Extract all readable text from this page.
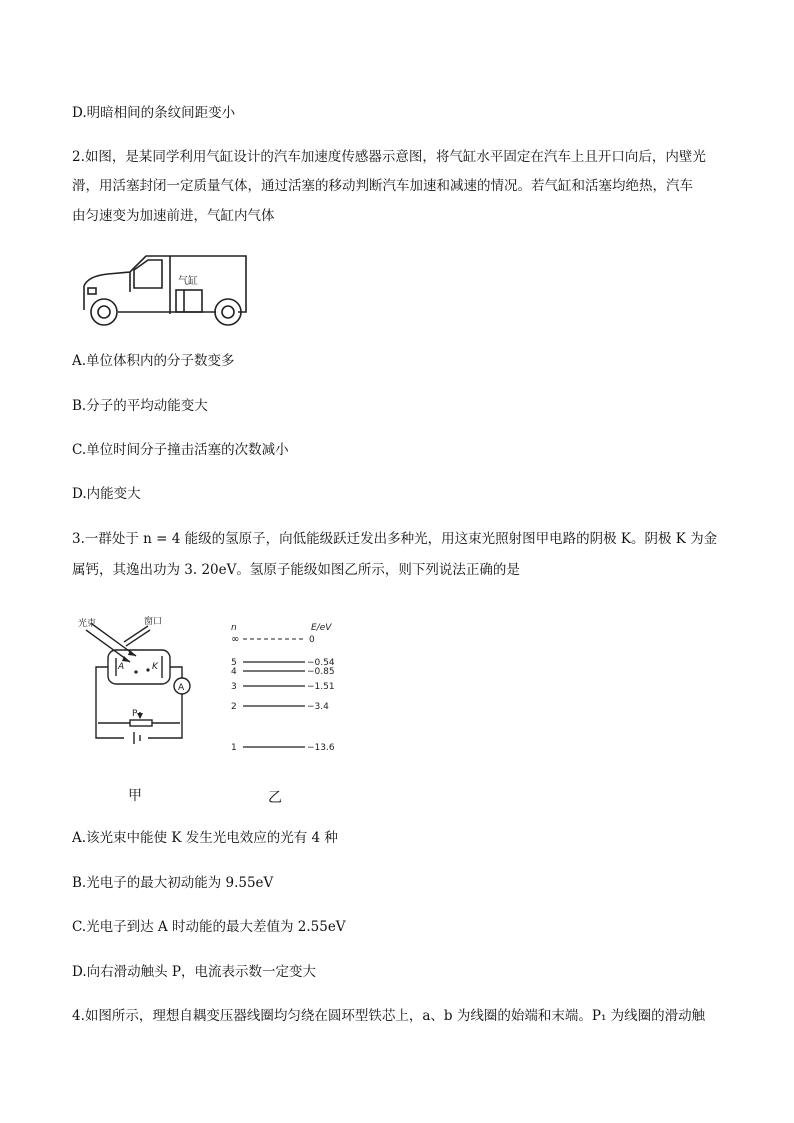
D.明暗相间的条纹间距变小
2.如图，是某同学利用气缸设计的汽车加速度传感器示意图，将气缸水平固定在汽车上且开口向后，内壁光
滑，用活塞封闭一定质量气体，通过活塞的移动判断汽车加速和减速的情况。若气缸和活塞均绝热，汽车
由匀速变为加速前进，气缸内气体
气缸
A.单位体积内的分子数变多
B.分子的平均动能变大
C.单位时间分子撞击活塞的次数减小
D.内能变大
3.一群处于 n = 4 能级的氢原子，向低能级跃迁发出多种光，用这束光照射图甲电路的阴极 K。阴极 K 为金
属钙，其逸出功为 3. 20eV。氢原子能级如图乙所示，则下列说法正确的是
光束	窗口
A	K
A
P
n	E/eV
∞	0
5	−0.54
4	−0.85
3	−1.51
2	−3.4
1	−13.6
甲	乙
A.该光束中能使 K 发生光电效应的光有 4 种
B.光电子的最大初动能为 9.55eV
C.光电子到达 A 时动能的最大差值为 2.55eV
D.向右滑动触头 P，电流表示数一定变大
4.如图所示，理想自耦变压器线圈均匀绕在圆环型铁芯上，a、b 为线圈的始端和末端。P₁ 为线圈的滑动触
